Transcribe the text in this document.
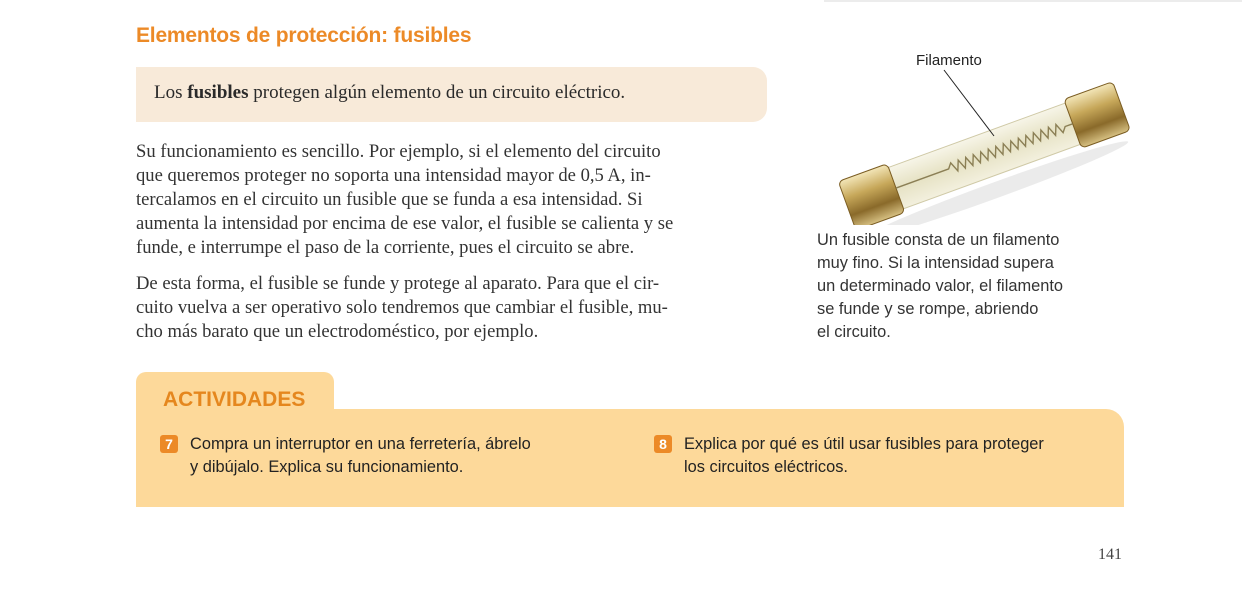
Elementos de protección: fusibles
Los fusibles protegen algún elemento de un circuito eléctrico.

Su funcionamiento es sencillo. Por ejemplo, si el elemento del circuito
que queremos proteger no soporta una intensidad mayor de 0,5 A, in-
tercalamos en el circuito un fusible que se funda a esa intensidad. Si
aumenta la intensidad por encima de ese valor, el fusible se calienta y se
funde, e interrumpe el paso de la corriente, pues el circuito se abre.

De esta forma, el fusible se funde y protege al aparato. Para que el cir-
cuito vuelva a ser operativo solo tendremos que cambiar el fusible, mu-
cho más barato que un electrodoméstico, por ejemplo.

Filamento

Un fusible consta de un filamento
muy fino. Si la intensidad supera
un determinado valor, el filamento
se funde y se rompe, abriendo
el circuito.

ACTIVIDADES
7	Compra un interruptor en una ferretería, ábrelo
y dibújalo. Explica su funcionamiento.
8	Explica por qué es útil usar fusibles para proteger
los circuitos eléctricos.
141
